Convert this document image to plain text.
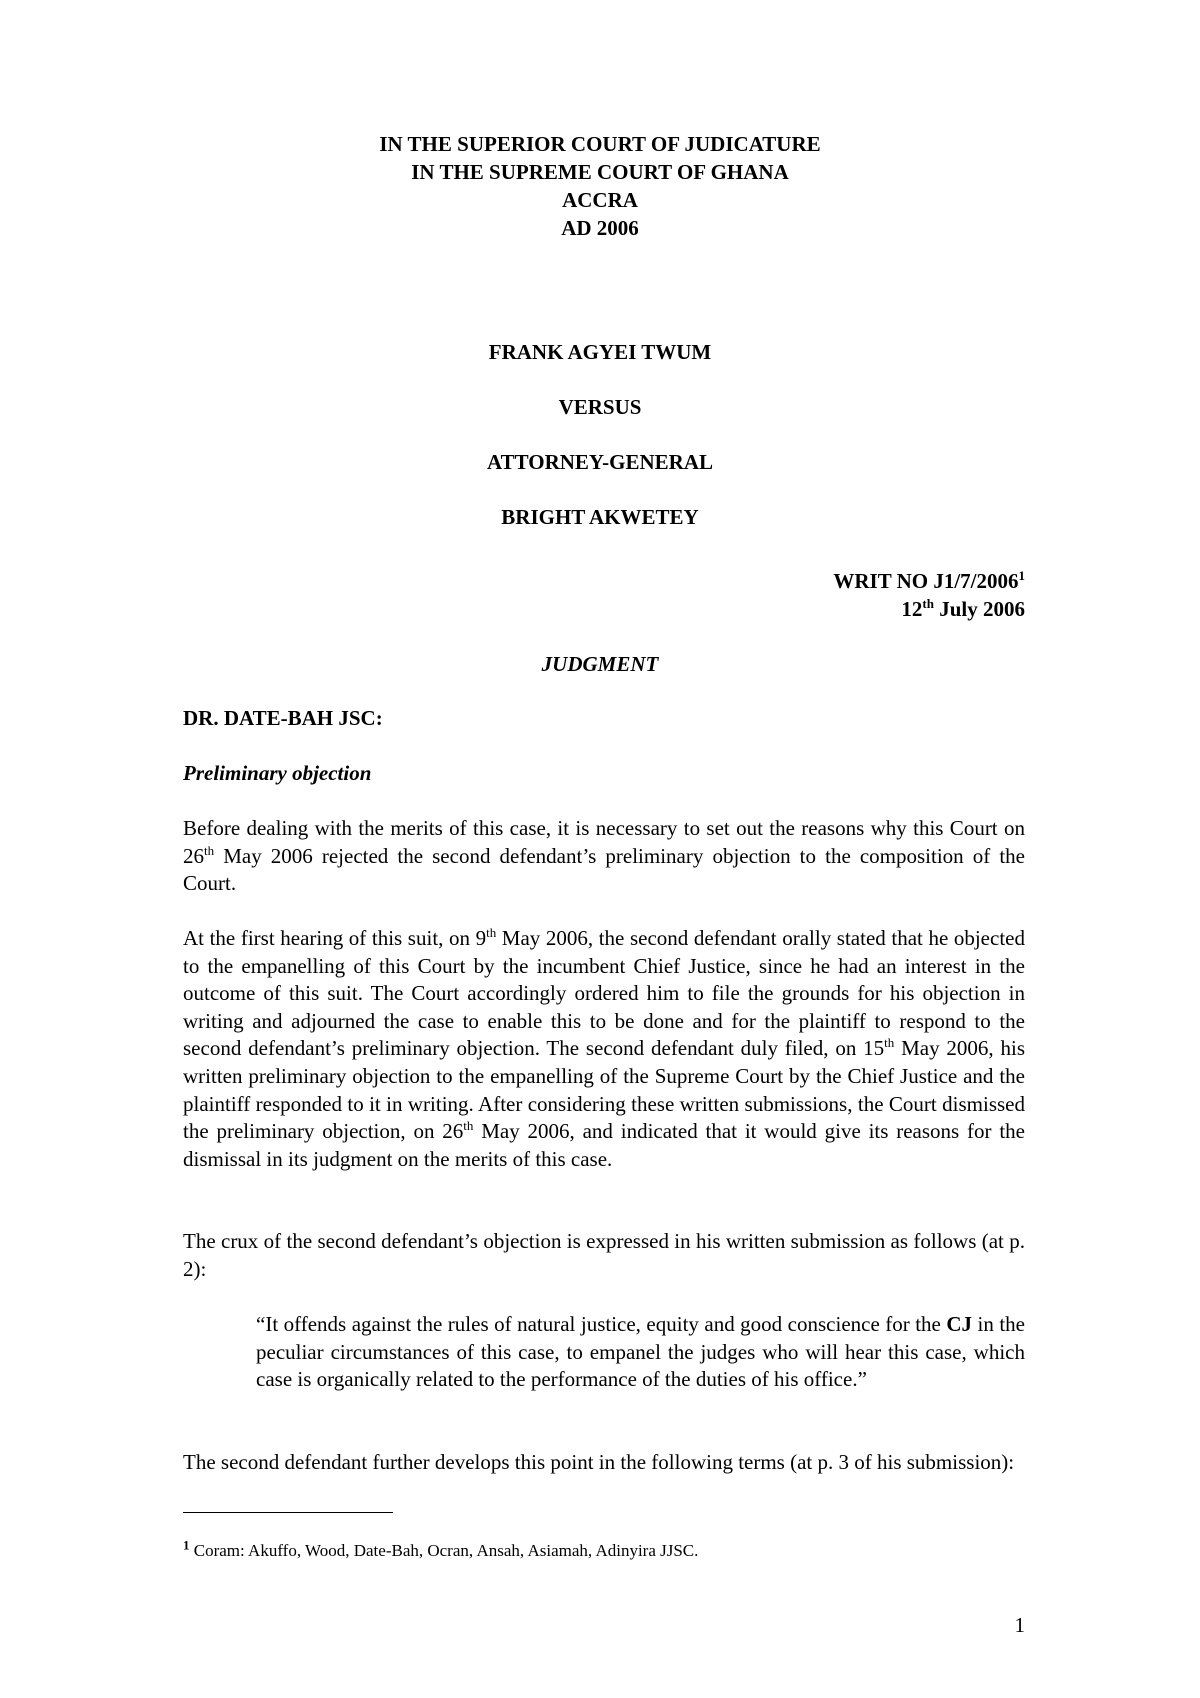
IN THE SUPERIOR COURT OF JUDICATURE
IN THE SUPREME COURT OF GHANA
ACCRA
AD 2006
FRANK AGYEI TWUM
VERSUS
ATTORNEY-GENERAL
BRIGHT AKWETEY
WRIT NO J1/7/2006$^1$
12th July 2006
JUDGMENT
DR. DATE-BAH JSC:
Preliminary objection
Before dealing with the merits of this case, it is necessary to set out the reasons why this Court on 26th May 2006 rejected the second defendant’s preliminary objection to the composition of the Court.
At the first hearing of this suit, on 9th May 2006, the second defendant orally stated that he objected to the empanelling of this Court by the incumbent Chief Justice, since he had an interest in the outcome of this suit. The Court accordingly ordered him to file the grounds for his objection in writing and adjourned the case to enable this to be done and for the plaintiff to respond to the second defendant’s preliminary objection. The second defendant duly filed, on 15th May 2006, his written preliminary objection to the empanelling of the Supreme Court by the Chief Justice and the plaintiff responded to it in writing. After considering these written submissions, the Court dismissed the preliminary objection, on 26th May 2006, and indicated that it would give its reasons for the dismissal in its judgment on the merits of this case.
The crux of the second defendant’s objection is expressed in his written submission as follows (at p. 2):
“It offends against the rules of natural justice, equity and good conscience for the CJ in the peculiar circumstances of this case, to empanel the judges who will hear this case, which case is organically related to the performance of the duties of his office.”
The second defendant further develops this point in the following terms (at p. 3 of his submission):
$^1$ Coram: Akuffo, Wood, Date-Bah, Ocran, Ansah, Asiamah, Adinyira JJSC.
1
